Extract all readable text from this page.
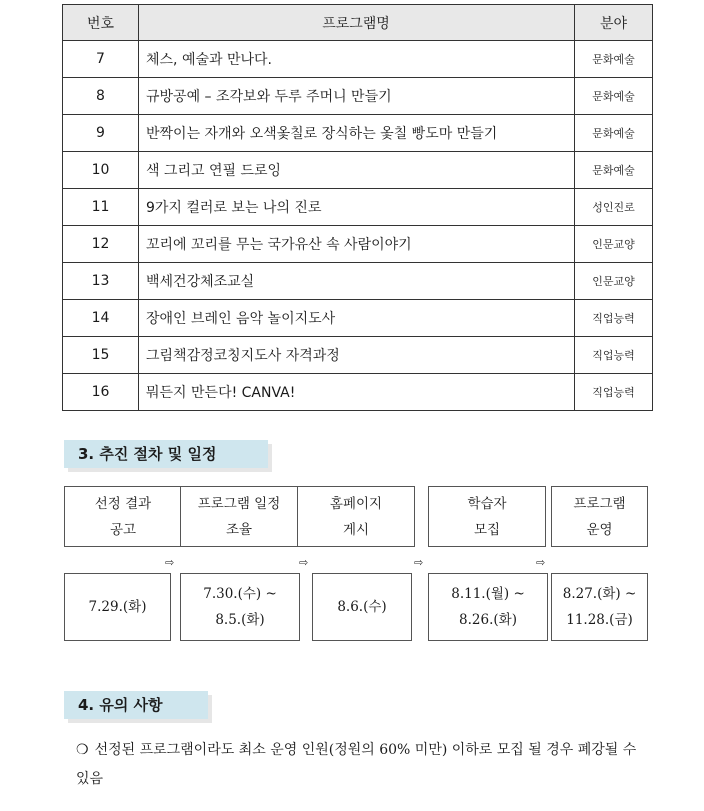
번호	프로그램명	분야
7	체스, 예술과 만나다.	문화예술
8	규방공예 – 조각보와 두루 주머니 만들기	문화예술
9	반짝이는 자개와 오색옻칠로 장식하는 옻칠 빵도마 만들기	문화예술
10	색 그리고 연필 드로잉	문화예술
11	9가지 컬러로 보는 나의 진로	성인진로
12	꼬리에 꼬리를 무는 국가유산 속 사람이야기	인문교양
13	백세건강체조교실	인문교양
14	장애인 브레인 음악 놀이지도사	직업능력
15	그림책감정코칭지도사 자격과정	직업능력
16	뭐든지 만든다! CANVA!	직업능력
3. 추진 절차 및 일정
선정 결과
공고
프로그램 일정
조율
홈페이지
게시
학습자
모집
프로그램
운영
⇨	⇨	⇨	⇨
7.29.(화)
7.30.(수) ~
8.5.(화)
8.6.(수)
8.11.(월) ~
8.26.(화)
8.27.(화) ~
11.28.(금)
4. 유의 사항
❍ 선정된 프로그램이라도 최소 운영 인원(정원의 60% 미만) 이하로 모집 될 경우 폐강될 수 있음
